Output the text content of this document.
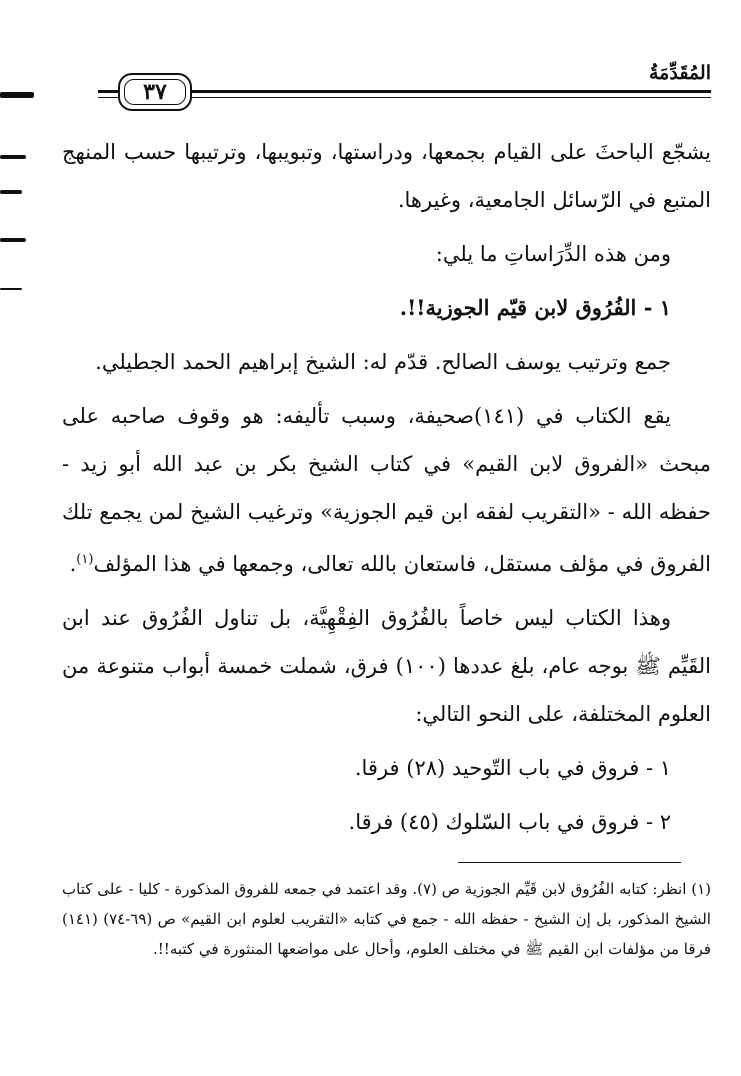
المُقَدِّمَةُ
٣٧

يشجّع الباحثَ على القيام بجمعها، ودراستها، وتبويبها، وترتيبها حسب المنهج المتبع في الرّسائل الجامعية، وغيرها.

ومن هذه الدِّرَاساتِ ما يلي:

١ - الفُرُوق لابن قيّم الجوزية!!.

جمع وترتيب يوسف الصالح. قدّم له: الشيخ إبراهيم الحمد الجطيلي.

يقع الكتاب في (١٤١)صحيفة، وسبب تأليفه: هو وقوف صاحبه على مبحث «الفروق لابن القيم» في كتاب الشيخ بكر بن عبد الله أبو زيد - حفظه الله - «التقريب لفقه ابن قيم الجوزية» وترغيب الشيخ لمن يجمع تلك الفروق في مؤلف مستقل، فاستعان بالله تعالى، وجمعها في هذا المؤلف$^{(١)}$.

وهذا الكتاب ليس خاصاً بالفُرُوق الفِقْهِيَّة، بل تناول الفُرُوق عند ابن القَيِّم ﷺ بوجه عام، بلغ عددها (١٠٠) فرق، شملت خمسة أبواب متنوعة من العلوم المختلفة، على النحو التالي:

١ - فروق في باب التّوحيد (٢٨) فرقا.

٢ - فروق في باب السّلوك (٤٥) فرقا.

(١) انظر: كتابه الفُرُوق لابن قَيِّم الجوزية ص (٧). وقد اعتمد في جمعه للفروق المذكورة - كليا - على كتاب الشيخ المذكور، بل إن الشيخ - حفظه الله - جمع في كتابه «التقريب لعلوم ابن القيم» ص (٦٩-٧٤) (١٤١) فرقا من مؤلفات ابن القيم ﷺ في مختلف العلوم، وأحال على مواضعها المنثورة في كتبه!!.
